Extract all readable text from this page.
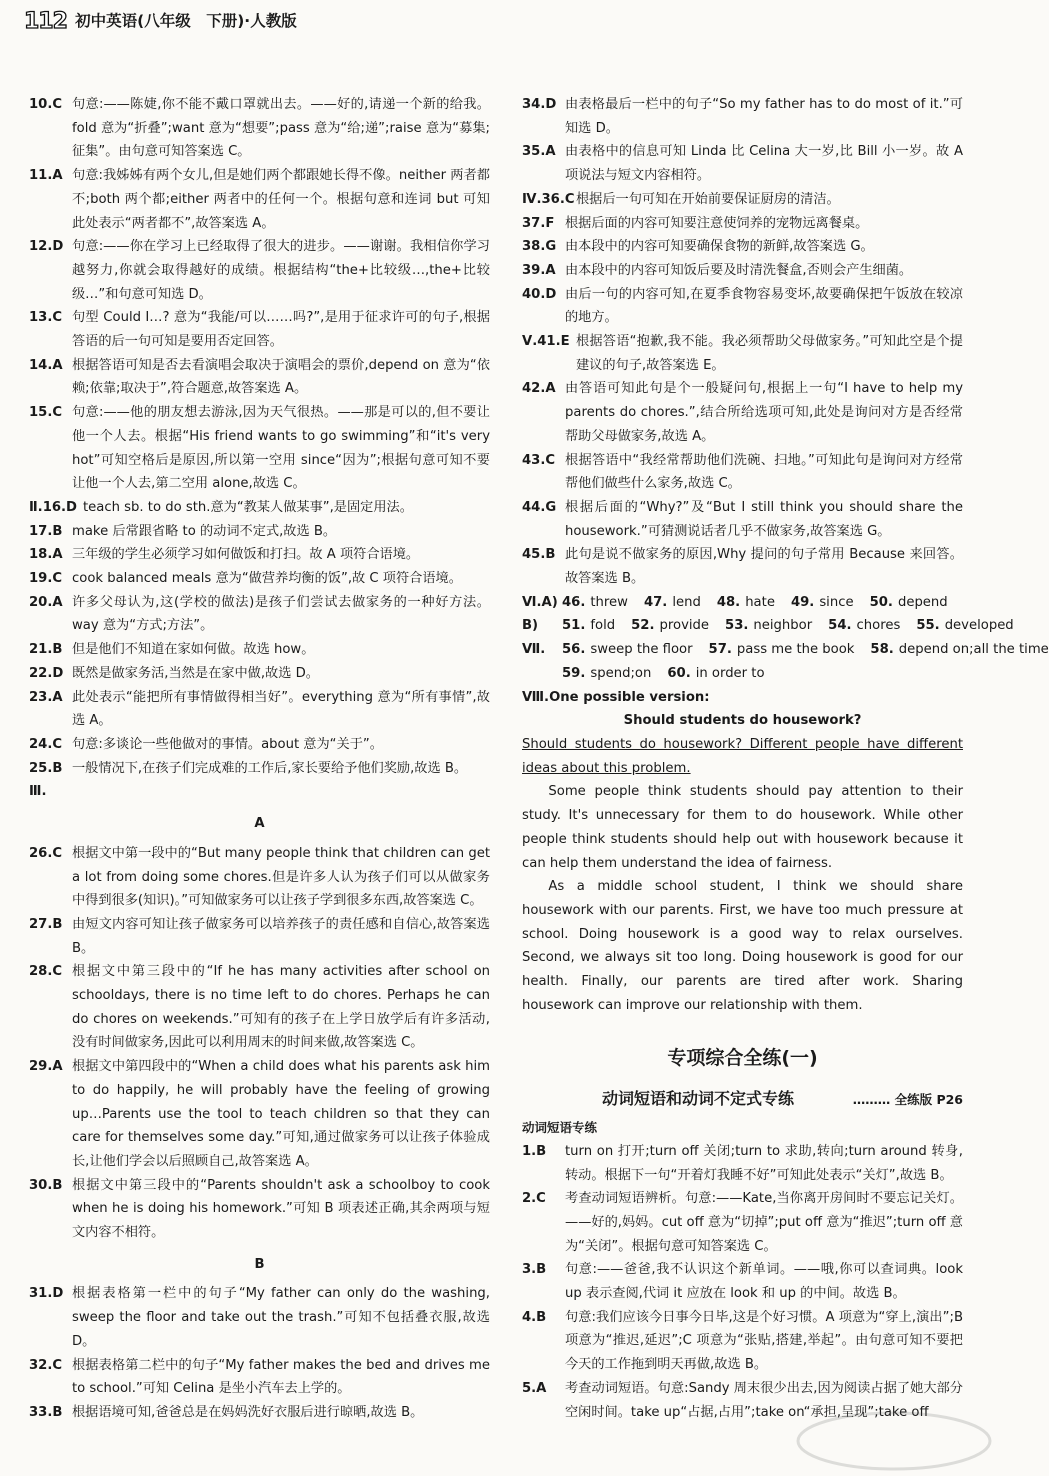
112 初中英语(八年级　下册)·人教版
10.C 句意:——陈婕,你不能不戴口罩就出去。——好的,请递一个新的给我。fold 意为“折叠”;want 意为“想要”;pass 意为“给;递”;raise 意为“募集;征集”。由句意可知答案选 C。
11.A 句意:我姊姊有两个女儿,但是她们两个都跟她长得不像。neither 两者都不;both 两个都;either 两者中的任何一个。根据句意和连词 but 可知此处表示“两者都不”,故答案选 A。
12.D 句意:——你在学习上已经取得了很大的进步。——谢谢。我相信你学习越努力,你就会取得越好的成绩。根据结构“the+比较级…,the+比较级…”和句意可知选 D。
13.C 句型 Could I…? 意为“我能/可以……吗?”,是用于征求许可的句子,根据答语的后一句可知是要用否定回答。
14.A 根据答语可知是否去看演唱会取决于演唱会的票价,depend on 意为“依赖;依靠;取决于”,符合题意,故答案选 A。
15.C 句意:——他的朋友想去游泳,因为天气很热。——那是可以的,但不要让他一个人去。根据“His friend wants to go swimming”和“it's very hot”可知空格后是原因,所以第一空用 since“因为”;根据句意可知不要让他一个人去,第二空用 alone,故选 C。
Ⅱ.16.D teach sb. to do sth.意为“教某人做某事”,是固定用法。
17.B make 后常跟省略 to 的动词不定式,故选 B。
18.A 三年级的学生必须学习如何做饭和打扫。故 A 项符合语境。
19.C cook balanced meals 意为“做营养均衡的饭”,故 C 项符合语境。
20.A 许多父母认为,这(学校的做法)是孩子们尝试去做家务的一种好方法。way 意为“方式;方法”。
21.B 但是他们不知道在家如何做。故选 how。
22.D 既然是做家务活,当然是在家中做,故选 D。
23.A 此处表示“能把所有事情做得相当好”。everything 意为“所有事情”,故选 A。
24.C 句意:多谈论一些他做对的事情。about 意为“关于”。
25.B 一般情况下,在孩子们完成难的工作后,家长要给予他们奖励,故选 B。
Ⅲ.
A
26.C 根据文中第一段中的“But many people think that children can get a lot from doing some chores.但是许多人认为孩子们可以从做家务中得到很多(知识)。”可知做家务可以让孩子学到很多东西,故答案选 C。
27.B 由短文内容可知让孩子做家务可以培养孩子的责任感和自信心,故答案选 B。
28.C 根据文中第三段中的“If he has many activities after school on schooldays, there is no time left to do chores. Perhaps he can do chores on weekends.”可知有的孩子在上学日放学后有许多活动,没有时间做家务,因此可以利用周末的时间来做,故答案选 C。
29.A 根据文中第四段中的“When a child does what his parents ask him to do happily, he will probably have the feeling of growing up…Parents use the tool to teach children so that they can care for themselves some day.”可知,通过做家务可以让孩子体验成长,让他们学会以后照顾自己,故答案选 A。
30.B 根据文中第三段中的“Parents shouldn't ask a schoolboy to cook when he is doing his homework.”可知 B 项表述正确,其余两项与短文内容不相符。
B
31.D 根据表格第一栏中的句子“My father can only do the washing, sweep the floor and take out the trash.”可知不包括叠衣服,故选 D。
32.C 根据表格第二栏中的句子“My father makes the bed and drives me to school.”可知 Celina 是坐小汽车去上学的。
33.B 根据语境可知,爸爸总是在妈妈洗好衣服后进行晾晒,故选 B。
34.D 由表格最后一栏中的句子“So my father has to do most of it.”可知选 D。
35.A 由表格中的信息可知 Linda 比 Celina 大一岁,比 Bill 小一岁。故 A 项说法与短文内容相符。
Ⅳ.36.C 根据后一句可知在开始前要保证厨房的清洁。
37.F 根据后面的内容可知要注意使饲养的宠物远离餐桌。
38.G 由本段中的内容可知要确保食物的新鲜,故答案选 G。
39.A 由本段中的内容可知饭后要及时清洗餐盒,否则会产生细菌。
40.D 由后一句的内容可知,在夏季食物容易变坏,故要确保把午饭放在较凉的地方。
Ⅴ.41.E 根据答语“抱歉,我不能。我必须帮助父母做家务。”可知此空是个提建议的句子,故答案选 E。
42.A 由答语可知此句是个一般疑问句,根据上一句“I have to help my parents do chores.”,结合所给选项可知,此处是询问对方是否经常帮助父母做家务,故选 A。
43.C 根据答语中“我经常帮助他们洗碗、扫地。”可知此句是询问对方经常帮他们做些什么家务,故选 C。
44.G 根据后面的“Why?”及“But I still think you should share the housework.”可猜测说话者几乎不做家务,故答案选 G。
45.B 此句是说不做家务的原因,Why 提问的句子常用 Because 来回答。故答案选 B。
Ⅵ.A) 46. threw 47. lend 48. hate 49. since 50. depend
B)	51. fold 52. provide 53. neighbor 54. chores 55. developed
Ⅶ.	56. sweep the floor 57. pass me the book 58. depend on;all the time
59. spend;on 60. in order to
Ⅷ.One possible version:
Should students do housework?

Should students do housework? Different people have different ideas about this problem.

Some people think students should pay attention to their study. It's unnecessary for them to do housework. While other people think students should help out with housework because it can help them understand the idea of fairness.

As a middle school student, I think we should share housework with our parents. First, we have too much pressure at school. Doing housework is a good way to relax ourselves. Second, we always sit too long. Doing housework is good for our health. Finally, our parents are tired after work. Sharing housework can improve our relationship with them.

专项综合全练(一)
动词短语和动词不定式专练	……… 全练版 P26
动词短语专练
1.B turn on 打开;turn off 关闭;turn to 求助,转向;turn around 转身,转动。根据下一句“开着灯我睡不好”可知此处表示“关灯”,故选 B。
2.C 考查动词短语辨析。句意:——Kate,当你离开房间时不要忘记关灯。——好的,妈妈。cut off 意为“切掉”;put off 意为“推迟”;turn off 意为“关闭”。根据句意可知答案选 C。
3.B 句意:——爸爸,我不认识这个新单词。——哦,你可以查词典。look up 表示查阅,代词 it 应放在 look 和 up 的中间。故选 B。
4.B 句意:我们应该今日事今日毕,这是个好习惯。A 项意为“穿上,演出”;B 项意为“推迟,延迟”;C 项意为“张贴,搭建,举起”。由句意可知不要把今天的工作拖到明天再做,故选 B。
5.A 考查动词短语。句意:Sandy 周末很少出去,因为阅读占据了她大部分空闲时间。take up“占据,占用”;take on“承担,呈现”;take off
